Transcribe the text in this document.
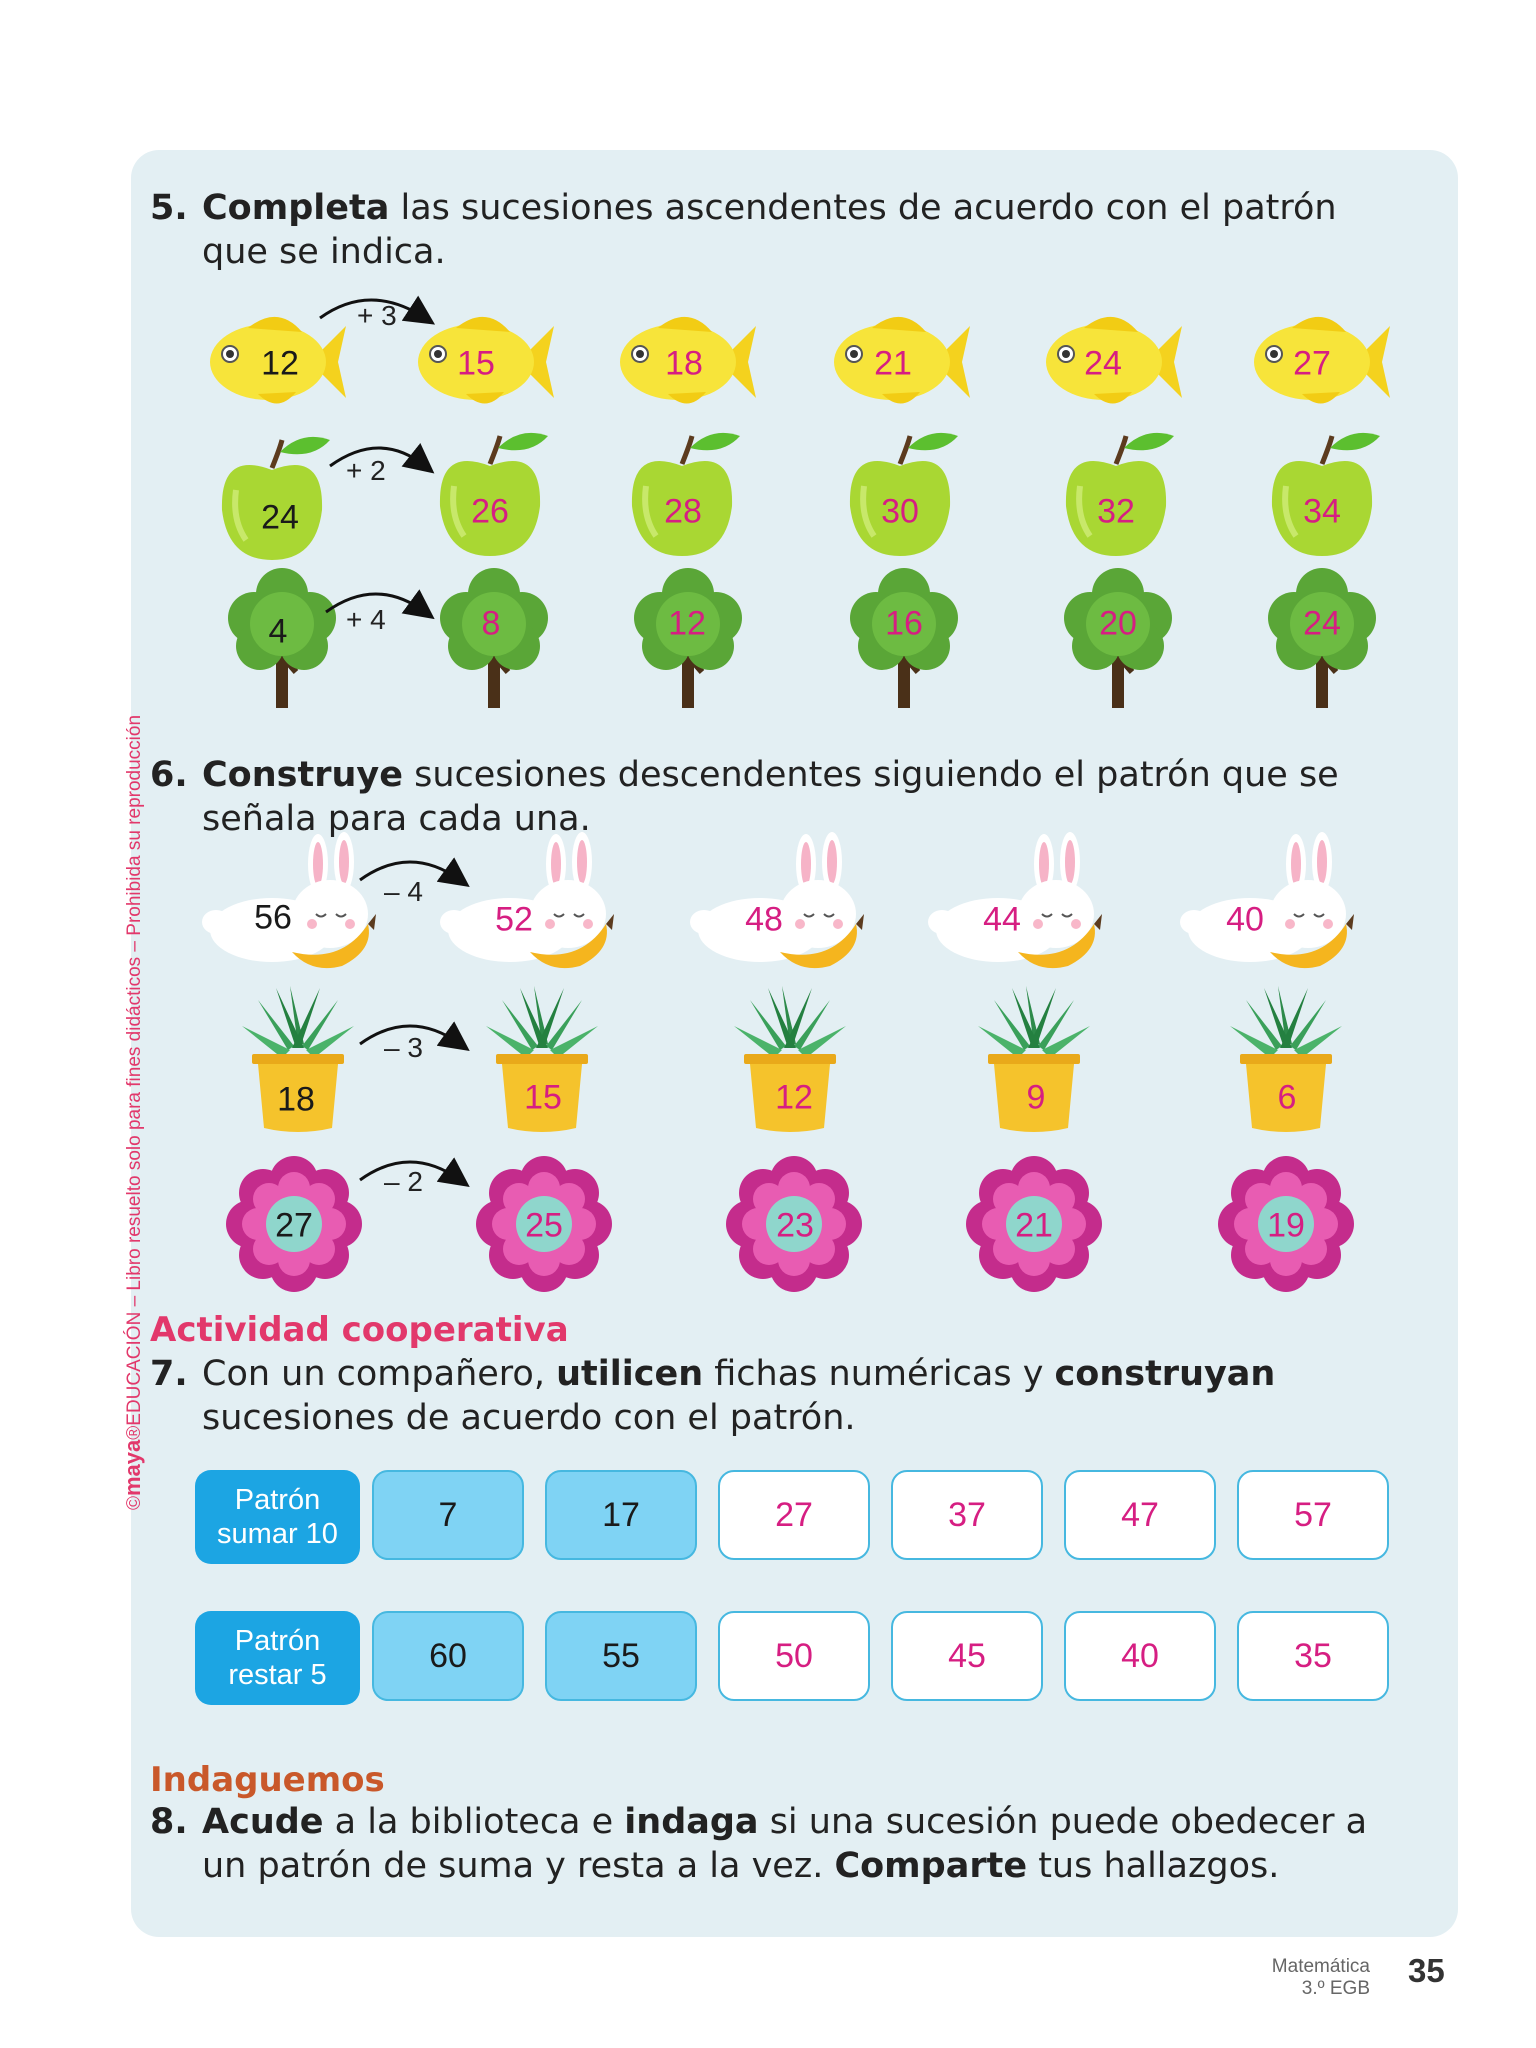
©maya®EDUCACIÓN – Libro resuelto solo para fines didácticos – Prohibida su reproducción
5. Completa las sucesiones ascendentes de acuerdo con el patrón
que se indica.
6. Construye sucesiones descendentes siguiendo el patrón que se
señala para cada una.
+ 3
+ 2
+ 4
– 4
– 3
– 2
12	15	18	21	24	27
24	26	28	30	32	34
4	8	12	16	20	24
56	52	48	44	40
18	15	12	9	6
27	25	23	21	19
Actividad cooperativa
7. Con un compañero, utilicen fichas numéricas y construyan
sucesiones de acuerdo con el patrón.
Patrón
sumar 10
7	17	27	37	47	57
Patrón
restar 5
60	55	50	45	40	35
Indaguemos
8. Acude a la biblioteca e indaga si una sucesión puede obedecer a
un patrón de suma y resta a la vez. Comparte tus hallazgos.
Matemática
3.º EGB 35
